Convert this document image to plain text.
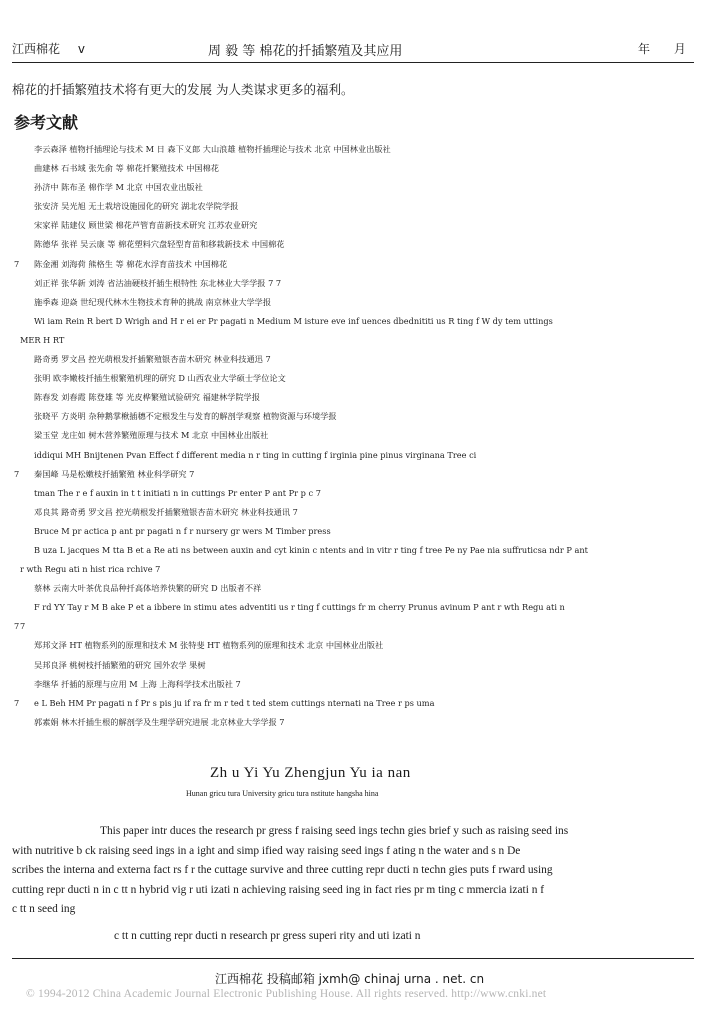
江西棉花 v	周 毅 等 棉花的扦插繁殖及其应用	年 月
棉花的扦插繁殖技术将有更大的发展 为人类谋求更多的福利。
参考文献
李云森泽 植物扦插理论与技术 M 日 森下义郎 大山浪雄 植物扦插理论与技术 北京 中国林业出版社
曲建林 石书域 张先俞 等 棉花扦繁殖技术 中国棉花
孙济中 陈布圣 棉作学 M 北京 中国农业出版社
张安济 吴光旭 无土栽培设施园化的研究 湖北农学院学报
宋家祥 陆建仪 顾世梁 棉花芦管育苗新技术研究 江苏农业研究
陈德华 张祥 吴云康 等 棉花塑料穴盘轻型育苗和移栽新技术 中国棉花
7 陈金湘 刘海荷 熊格生 等 棉花水浮育苗技术 中国棉花
刘正祥 张华新 刘涛 省沽油硬枝扦插生根特性 东北林业大学学报 7 7
施季森 迎焱 世纪现代林木生物技术育种的挑战 南京林业大学学报
Wi iam Rein R bert D Wrigh and H r ei er Pr pagati n Medium M isture eve inf uences dbednititi us R ting f W dy tem uttings
MER H RT
路奇勇 罗文昌 控光萌根发扦插繁殖银杏苗木研究 林业科技通迅 7
张明 欧李嫩枝扦插生根繁殖机理的研究 D 山西农业大学硕士学位论文
陈春发 刘春霞 陈登雄 等 光皮桦繁殖试验研究 福建林学院学报
张晓平 方炎明 杂种鹅掌楸插穗不定根发生与发育的解剖学观察 植物资源与环境学报
梁玉堂 龙庄如 树木营养繁殖原理与技术 M 北京 中国林业出版社
iddiqui MH Bnijtenen Pvan Effect f different media n r ting in cutting f irginia pine pinus virginana Tree ci
7 秦国峰 马是松嫩枝扦插繁殖 林业科学研究 7
tman The r e f auxin in t t initiati n in cuttings Pr enter P ant Pr p c 7
邓良其 路奇勇 罗文昌 控光萌根发扦插繁殖银杏苗木研究 林业科技通讯 7
Bruce M pr actica p ant pr pagati n f r nursery gr wers M Timber press
B uza L jacques M tta B et a Re ati ns between auxin and cyt kinin c ntents and in vitr r ting f tree Pe ny Pae nia suffruticsa ndr P ant
r wth Regu ati n hist rica rchive 7
蔡林 云南大叶茶优良品种扦高体培养快繁的研究 D 出版者不祥
F rd YY Tay r M B ake P et a ibbere in stimu ates adventiti us r ting f cuttings fr m cherry Prunus avinum P ant r wth Regu ati n
77
郑邦文泽 HT 植物系列的原理和技术 M 张特斐 HT 植物系列的原理和技术 北京 中国林业出版社
吴邦良泽 桃树枝扦插繁殖的研究 国外农学 果树
李继华 扦插的原理与应用 M 上海 上海科学技术出版社 7
7 e L Beh HM Pr pagati n f Pr s pis ju if ra fr m r ted t ted stem cuttings nternati na Tree r ps uma
郭素娟 林木扦插生根的解剖学及生理学研究进展 北京林业大学学报 7
Zh u Yi Yu Zhengjun Yu ia nan
Hunan gricu tura University gricu tura nstitute hangsha hina
This paper intr duces the research pr gress f raising seed ings techn gies brief y such as raising seed ins
with nutritive b ck raising seed ings in a ight and simp ified way raising seed ings f ating n the water and s n De
scribes the interna and externa fact rs f r the cuttage survive and three cutting repr ducti n techn gies puts f rward using
cutting repr ducti n in c tt n hybrid vig r uti izati n achieving raising seed ing in fact ries pr m ting c mmercia izati n f
c tt n seed ing
c tt n cutting repr ducti n research pr gress superi rity and uti izati n
江西棉花 投稿邮箱 jxmh@ chinaj urna . net. cn
© 1994-2012 China Academic Journal Electronic Publishing House. All rights reserved. http://www.cnki.net
